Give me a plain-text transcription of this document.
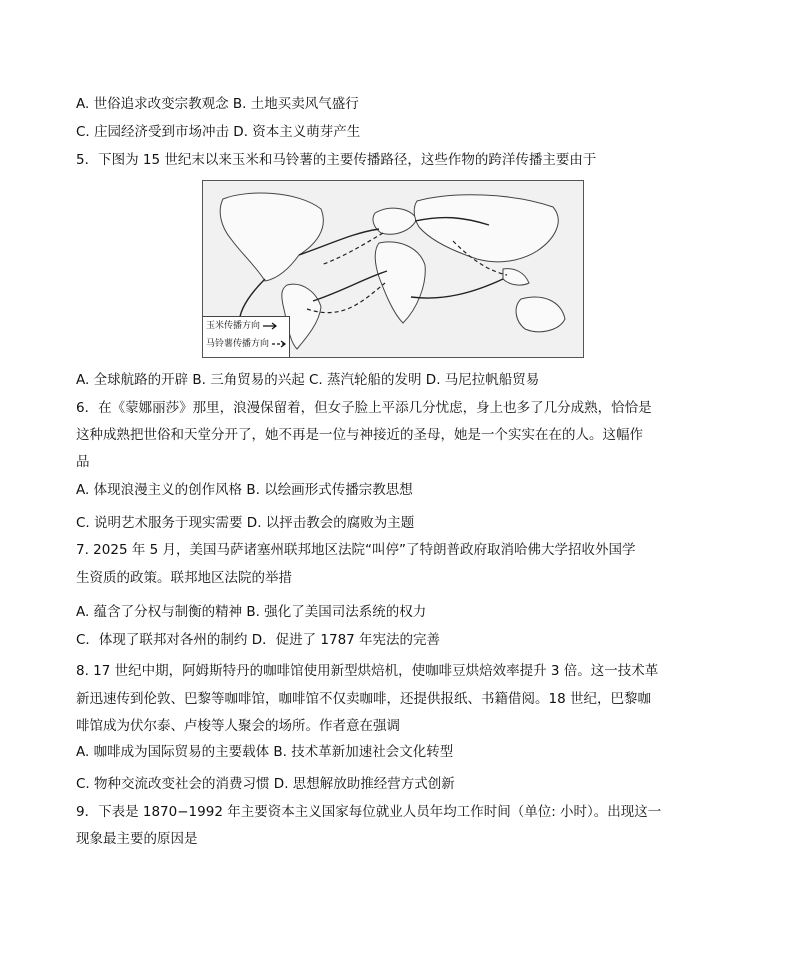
A. 世俗追求改变宗教观念 B. 土地买卖风气盛行
C. 庄园经济受到市场冲击 D. 资本主义萌芽产生
5．下图为 15 世纪末以来玉米和马铃薯的主要传播路径，这些作物的跨洋传播主要由于
玉米传播方向
马铃薯传播方向
A. 全球航路的开辟 B. 三角贸易的兴起 C. 蒸汽轮船的发明 D. 马尼拉帆船贸易
6．在《蒙娜丽莎》那里，浪漫保留着，但女子脸上平添几分忧虑，身上也多了几分成熟，恰恰是
这种成熟把世俗和天堂分开了，她不再是一位与神接近的圣母，她是一个实实在在的人。这幅作
品
A. 体现浪漫主义的创作风格 B. 以绘画形式传播宗教思想
C. 说明艺术服务于现实需要 D. 以抨击教会的腐败为主题
7. 2025 年 5 月，美国马萨诸塞州联邦地区法院“叫停”了特朗普政府取消哈佛大学招收外国学
生资质的政策。联邦地区法院的举措
A. 蕴含了分权与制衡的精神 B. 强化了美国司法系统的权力
C．体现了联邦对各州的制约 D．促进了 1787 年宪法的完善
8. 17 世纪中期，阿姆斯特丹的咖啡馆使用新型烘焙机，使咖啡豆烘焙效率提升 3 倍。这一技术革
新迅速传到伦敦、巴黎等咖啡馆，咖啡馆不仅卖咖啡，还提供报纸、书籍借阅。18 世纪，巴黎咖
啡馆成为伏尔泰、卢梭等人聚会的场所。作者意在强调
A. 咖啡成为国际贸易的主要载体 B. 技术革新加速社会文化转型
C. 物种交流改变社会的消费习惯 D. 思想解放助推经营方式创新
9．下表是 1870−1992 年主要资本主义国家每位就业人员年均工作时间（单位: 小时）。出现这一
现象最主要的原因是
